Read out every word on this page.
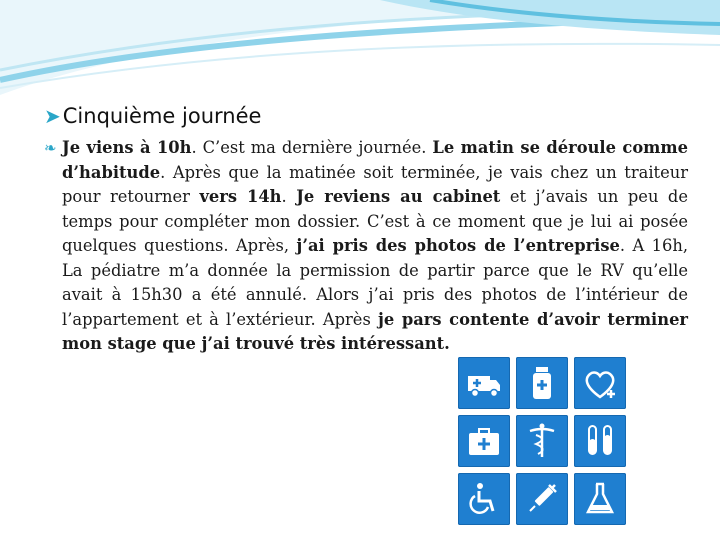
➤ Cinquième journée
❧ Je viens à 10h. C’est ma dernière journée. Le matin se déroule comme d’habitude. Après que la matinée soit terminée, je vais chez un traiteur pour retourner vers 14h. Je reviens au cabinet et j’avais un peu de temps pour compléter mon dossier. C’est à ce moment que je lui ai posée quelques questions. Après, j’ai pris des photos de l’entreprise. A 16h, La pédiatre m’a donnée la permission de partir parce que le RV qu’elle avait à 15h30 a été annulé. Alors j’ai pris des photos de l’intérieur de l’appartement et à l’extérieur. Après je pars contente d’avoir terminer mon stage que j’ai trouvé très intéressant.
